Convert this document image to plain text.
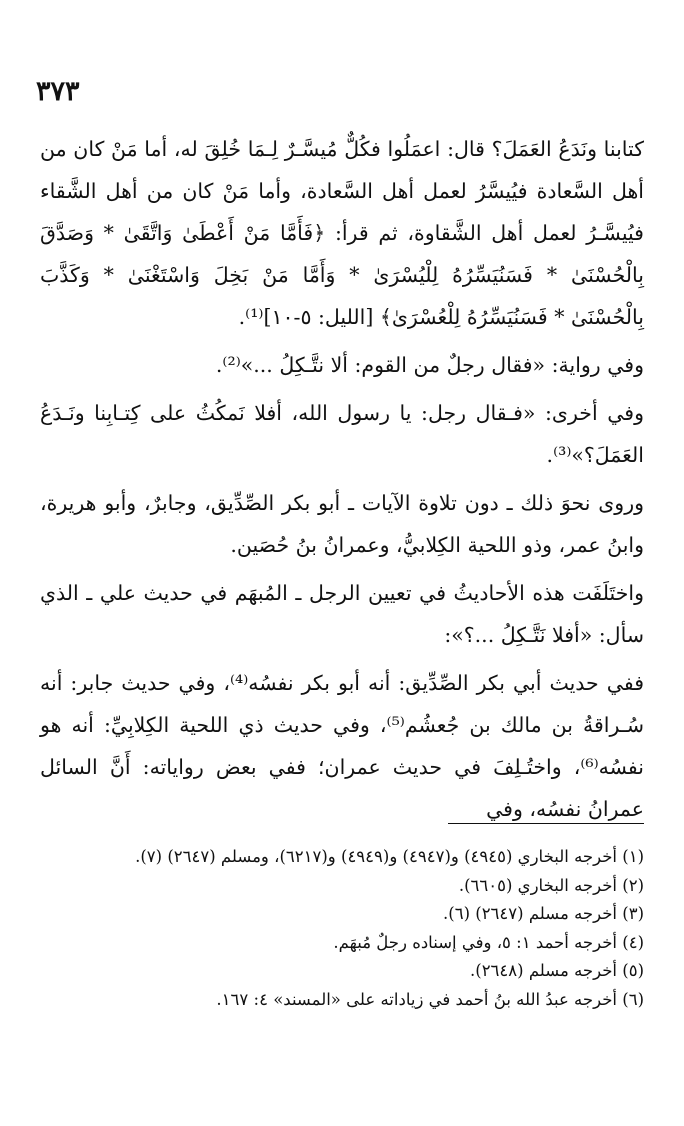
٣٧٣

كتابنا ونَدَعُ العَمَلَ؟ قال: اعمَلُوا فكُلٌّ مُيسَّـرٌ لِـمَا خُلِقَ له، أما مَنْ كان من أهل السَّعادة فيُيسَّرُ لعمل أهل السَّعادة، وأما مَنْ كان من أهل الشَّقاء فيُيسَّـرُ لعمل أهل الشَّقاوة، ثم قرأ: ﴿فَأَمَّا مَنْ أَعْطَىٰ وَاتَّقَىٰ * وَصَدَّقَ بِالْحُسْنَىٰ * فَسَنُيَسِّرُهُ لِلْيُسْرَىٰ * وَأَمَّا مَنْ بَخِلَ وَاسْتَغْنَىٰ * وَكَذَّبَ بِالْحُسْنَىٰ * فَسَنُيَسِّرُهُ لِلْعُسْرَىٰ﴾ [الليل: ٥-١٠]⁽¹⁾.

وفي رواية: «فقال رجلٌ من القوم: ألا نتَّـكِلُ ...»⁽²⁾.

وفي أخرى: «فـقال رجل: يا رسول الله، أفلا نَمكُثُ على كِتـابِنا ونَـدَعُ العَمَلَ؟»⁽³⁾.

وروى نحوَ ذلك ـ دون تلاوة الآيات ـ أبو بكر الصِّدِّيق، وجابرٌ، وأبو هريرة، وابنُ عمر، وذو اللحية الكِلابيُّ، وعمرانُ بنُ حُصَين.

واختَلَفَت هذه الأحاديثُ في تعيين الرجل ـ المُبهَم في حديث علي ـ الذي سأل: «أفلا نَتَّـكِلُ ...؟»:

ففي حديث أبي بكر الصِّدِّيق: أنه أبو بكر نفسُه⁽⁴⁾، وفي حديث جابر: أنه سُـراقةُ بن مالك بن جُعشُم⁽⁵⁾، وفي حديث ذي اللحية الكِلابِيِّ: أنه هو نفسُه⁽⁶⁾، واختُـلِفَ في حديث عمران؛ ففي بعض رواياته: أَنَّ السائل عمرانُ نفسُه، وفي

(١) أخرجه البخاري (٤٩٤٥) و(٤٩٤٧) و(٤٩٤٩) و(٦٢١٧)، ومسلم (٢٦٤٧) (٧).
(٢) أخرجه البخاري (٦٦٠٥).
(٣) أخرجه مسلم (٢٦٤٧) (٦).
(٤) أخرجه أحمد ١: ٥، وفي إسناده رجلٌ مُبهَم.
(٥) أخرجه مسلم (٢٦٤٨).
(٦) أخرجه عبدُ الله بنُ أحمد في زياداته على «المسند» ٤: ١٦٧.
